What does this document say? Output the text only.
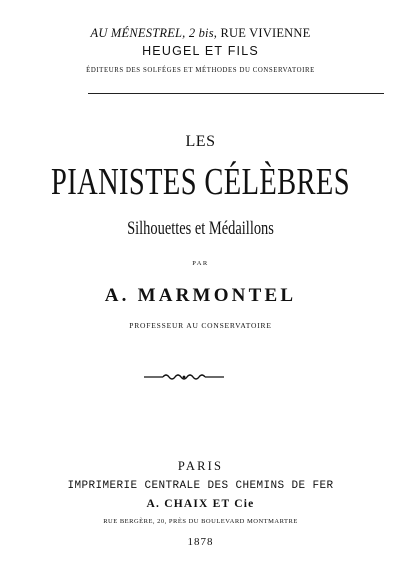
AU MÉNESTREL, 2 bis, RUE VIVIENNE
HEUGEL ET FILS
ÉDITEURS DES SOLFÉGES ET MÉTHODES DU CONSERVATOIRE
LES
PIANISTES CÉLÈBRES
Silhouettes et Médaillons
PAR
A. MARMONTEL
PROFESSEUR AU CONSERVATOIRE
PARIS
IMPRIMERIE CENTRALE DES CHEMINS DE FER
A. CHAIX ET Cie
RUE BERGÈRE, 20, PRÈS DU BOULEVARD MONTMARTRE
1878
